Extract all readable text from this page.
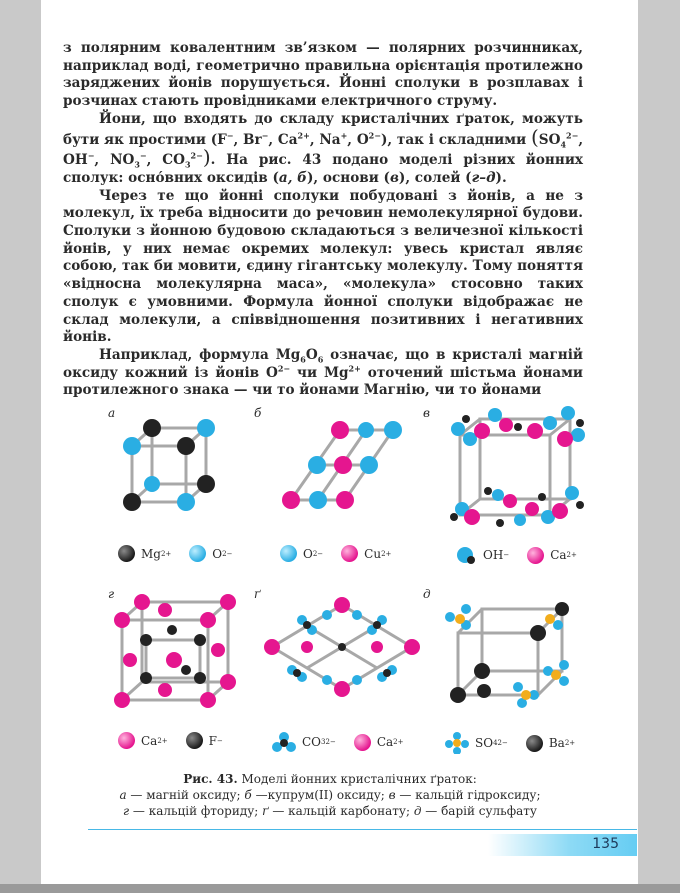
з полярним ковалентним зв’язком — полярних розчинниках, наприклад воді, геометрично правильна орієнтація протилежно заряджених йонів порушується. Йонні сполуки в розплавах і розчинах стають провідниками електричного струму.

Йони, що входять до складу кристалічних ґраток, можуть бути як простими (F−, Br−, $Ca^{2+}$, Na+, $O^{2-}$), так і складними ($SO_4^{2-}$, OH−, $NO_3^-$, $CO_3^{2-}$). На рис. 43 подано моделі різних йонних сполук: осно́вних оксидів (а, б), основи (в), солей (г–д).

Через те що йонні сполуки побудовані з йонів, а не з молекул, їх треба відносити до речовин немолекулярної будови. Сполуки з йонною будовою складаються з величезної кількості йонів, у них немає окремих молекул: увесь кристал являє собою, так би мовити, єдину гігантську молекулу. Тому поняття «відносна молекулярна маса», «молекула» стосовно таких сполук є умовними. Формула йонної сполуки відображає не склад молекули, а співвідношення позитивних і негативних йонів.

Наприклад, формула $Mg_6O_6$ означає, що в кристалі магній оксиду кожний із йонів $O^{2-}$ чи $Mg^{2+}$ оточений шістьма йонами протилежного знака — чи то йонами Магнію, чи то йонами

а
Mg 2+	O 2−
б
O 2−	Cu 2+
в
OH −	Ca 2+
г
Ca 2+	F −
ґ
CO 3 2−	Ca 2+
д
SO 4 2−	Ba 2+
Рис. 43. Моделі йонних кристалічних ґраток:
а — магній оксиду; б —купрум(II) оксиду; в — кальцій гідроксиду;
г — кальцій фториду; ґ — кальцій карбонату; д — барій сульфату
135
